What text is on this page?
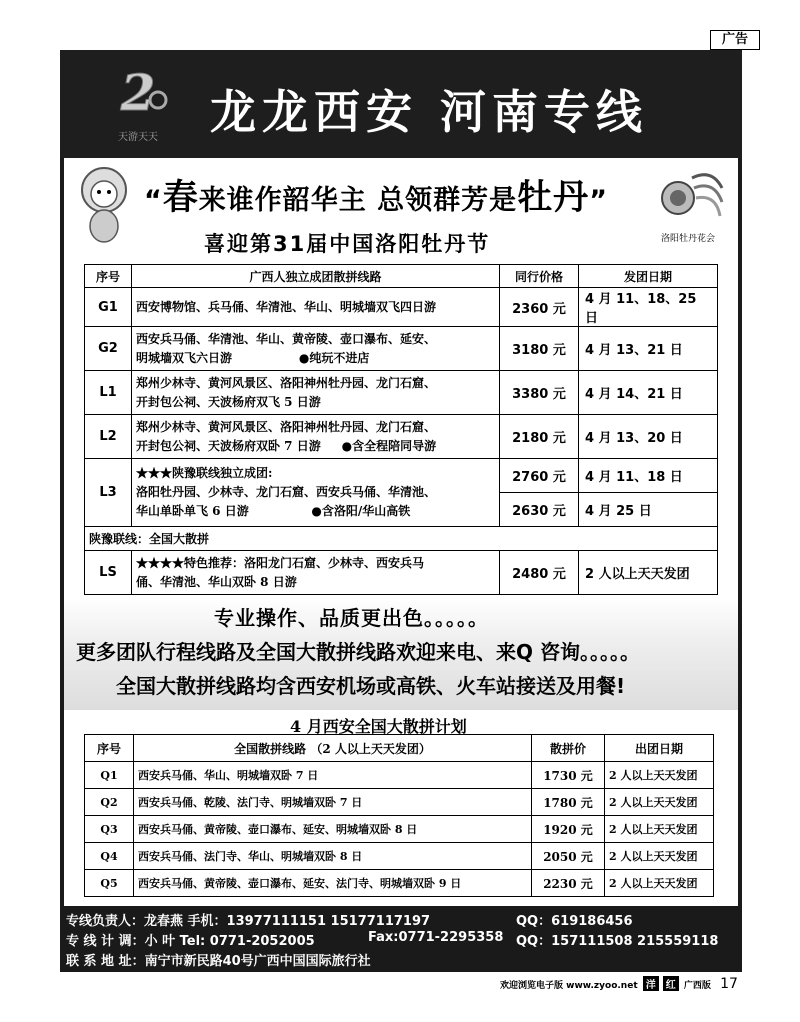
广告
2
天游天天	龙龙西安 河南专线
“春来谁作韶华主 总领群芳是牡丹”
喜迎第31届中国洛阳牡丹节	洛阳牡丹花会
序号	广西人独立成团散拼线路	同行价格	发团日期
G1	西安博物馆、兵马俑、华清池、华山、明城墙双飞四日游	2360 元	4 月 11、18、25 日
G2	西安兵马俑、华清池、华山、黄帝陵、壶口瀑布、延安、
明城墙双飞六日游                ●纯玩不进店	3180 元	4 月 13、21 日
L1	郑州少林寺、黄河风景区、洛阳神州牡丹园、龙门石窟、
开封包公祠、天波杨府双飞 5 日游	3380 元	4 月 14、21 日
L2	郑州少林寺、黄河风景区、洛阳神州牡丹园、龙门石窟、
开封包公祠、天波杨府双卧 7 日游     ●含全程陪同导游	2180 元	4 月 13、20 日
L3	★★★陕豫联线独立成团:
洛阳牡丹园、少林寺、龙门石窟、西安兵马俑、华清池、
华山单卧单飞 6 日游               ●含洛阳/华山高铁	2760 元	4 月 11、18 日
		2630 元	4 月 25 日
陕豫联线：全国大散拼			
LS	★★★★特色推荐：洛阳龙门石窟、少林寺、西安兵马
俑、华清池、华山双卧 8 日游	2480 元	2 人以上天天发团
专业操作、品质更出色。。。。。
更多团队行程线路及全国大散拼线路欢迎来电、来Q 咨询。。。。。
全国大散拼线路均含西安机场或高铁、火车站接送及用餐!
4 月西安全国大散拼计划
序号	全国散拼线路 （2 人以上天天发团）	散拼价	出团日期
Q1	西安兵马俑、华山、明城墙双卧 7 日	1730 元	2 人以上天天发团
Q2	西安兵马俑、乾陵、法门寺、明城墙双卧 7 日	1780 元	2 人以上天天发团
Q3	西安兵马俑、黄帝陵、壶口瀑布、延安、明城墙双卧 8 日	1920 元	2 人以上天天发团
Q4	西安兵马俑、法门寺、华山、明城墙双卧 8 日	2050 元	2 人以上天天发团
Q5	西安兵马俑、黄帝陵、壶口瀑布、延安、法门寺、明城墙双卧 9 日	2230 元	2 人以上天天发团
专线负责人：龙春燕 手机：13977111151 15177117197	QQ：619186456
专 线 计 调：小 叶 Tel: 0771-2052005	Fax:0771-2295358 QQ：157111508 215559118
联 系 地 址：南宁市新民路40号广西中国国际旅行社
欢迎浏览电子版 www.zyoo.net 洋 红 广西版 17
